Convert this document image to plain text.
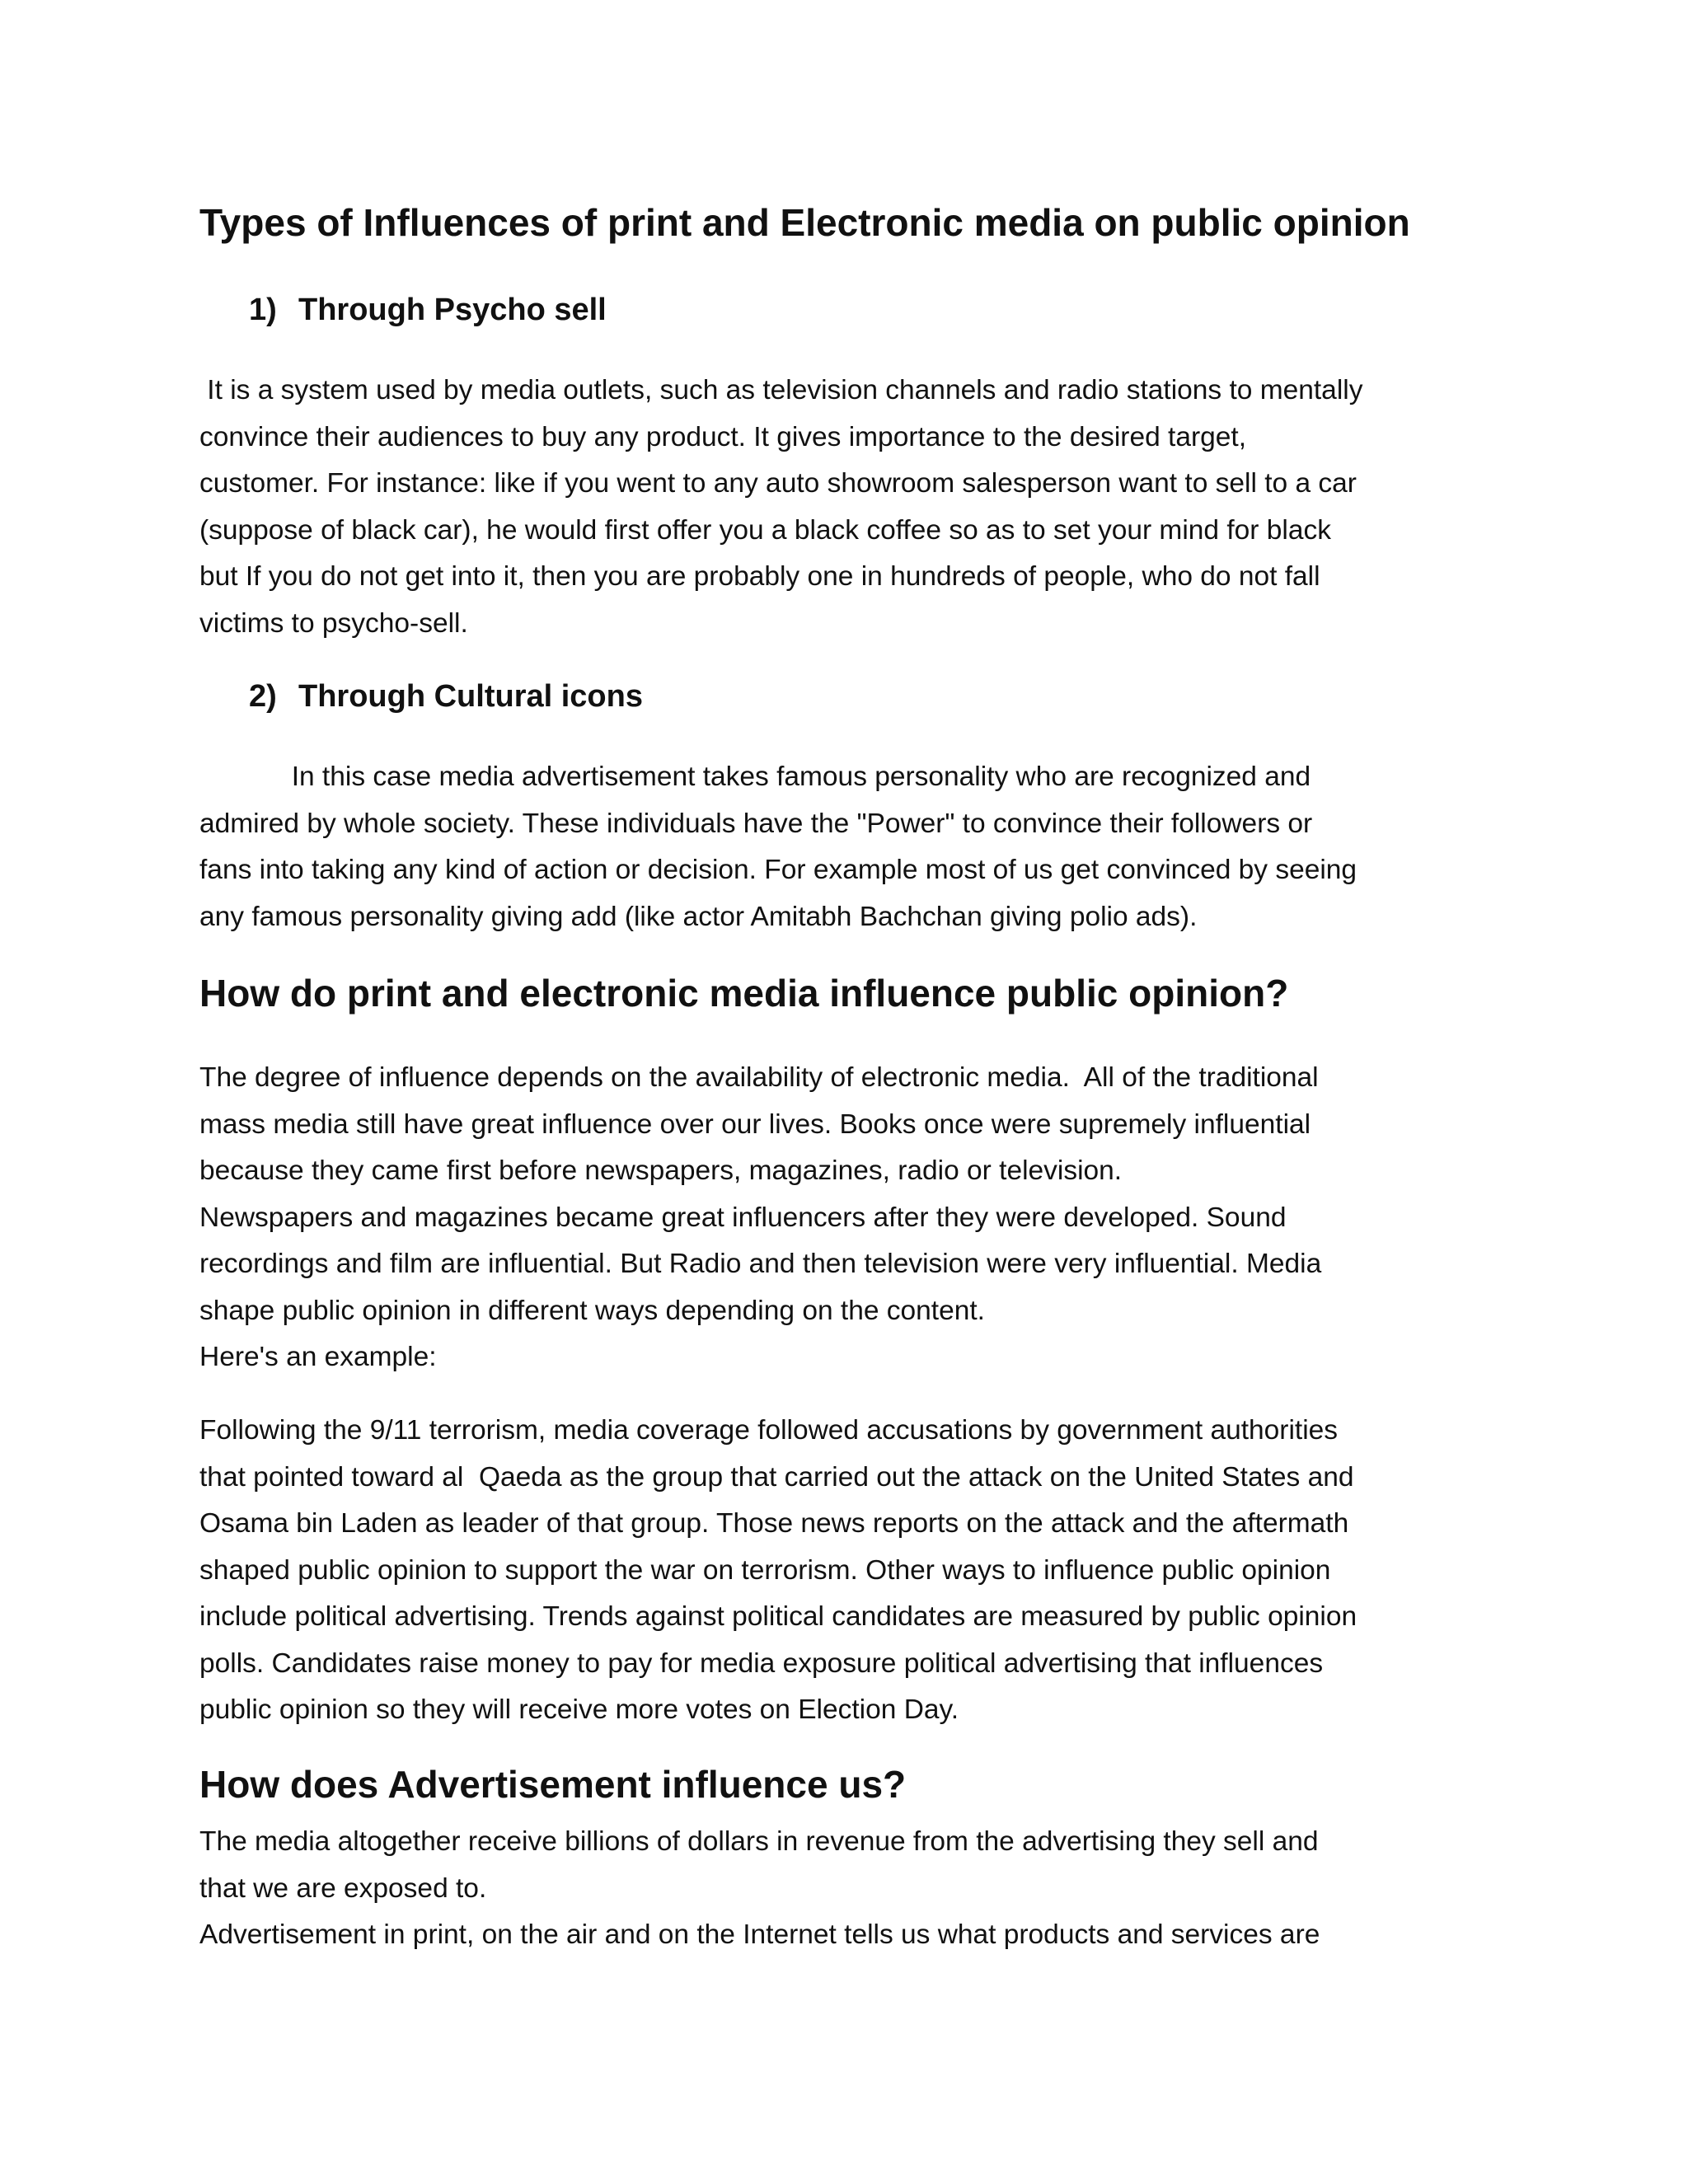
Types of Influences of print and Electronic media on public opinion
1) Through Psycho sell
It is a system used by media outlets, such as television channels and radio stations to mentally
convince their audiences to buy any product. It gives importance to the desired target,
customer. For instance: like if you went to any auto showroom salesperson want to sell to a car
(suppose of black car), he would first offer you a black coffee so as to set your mind for black
but If you do not get into it, then you are probably one in hundreds of people, who do not fall
victims to psycho-sell.
2) Through Cultural icons
In this case media advertisement takes famous personality who are recognized and
admired by whole society. These individuals have the "Power" to convince their followers or
fans into taking any kind of action or decision. For example most of us get convinced by seeing
any famous personality giving add (like actor Amitabh Bachchan giving polio ads).
How do print and electronic media influence public opinion?
The degree of influence depends on the availability of electronic media.  All of the traditional
mass media still have great influence over our lives. Books once were supremely influential
because they came first before newspapers, magazines, radio or television.
Newspapers and magazines became great influencers after they were developed. Sound
recordings and film are influential. But Radio and then television were very influential. Media
shape public opinion in different ways depending on the content.
Here's an example:
Following the 9/11 terrorism, media coverage followed accusations by government authorities
that pointed toward al  Qaeda as the group that carried out the attack on the United States and
Osama bin Laden as leader of that group. Those news reports on the attack and the aftermath
shaped public opinion to support the war on terrorism. Other ways to influence public opinion
include political advertising. Trends against political candidates are measured by public opinion
polls. Candidates raise money to pay for media exposure political advertising that influences
public opinion so they will receive more votes on Election Day.
How does Advertisement influence us?
The media altogether receive billions of dollars in revenue from the advertising they sell and
that we are exposed to.
Advertisement in print, on the air and on the Internet tells us what products and services are
